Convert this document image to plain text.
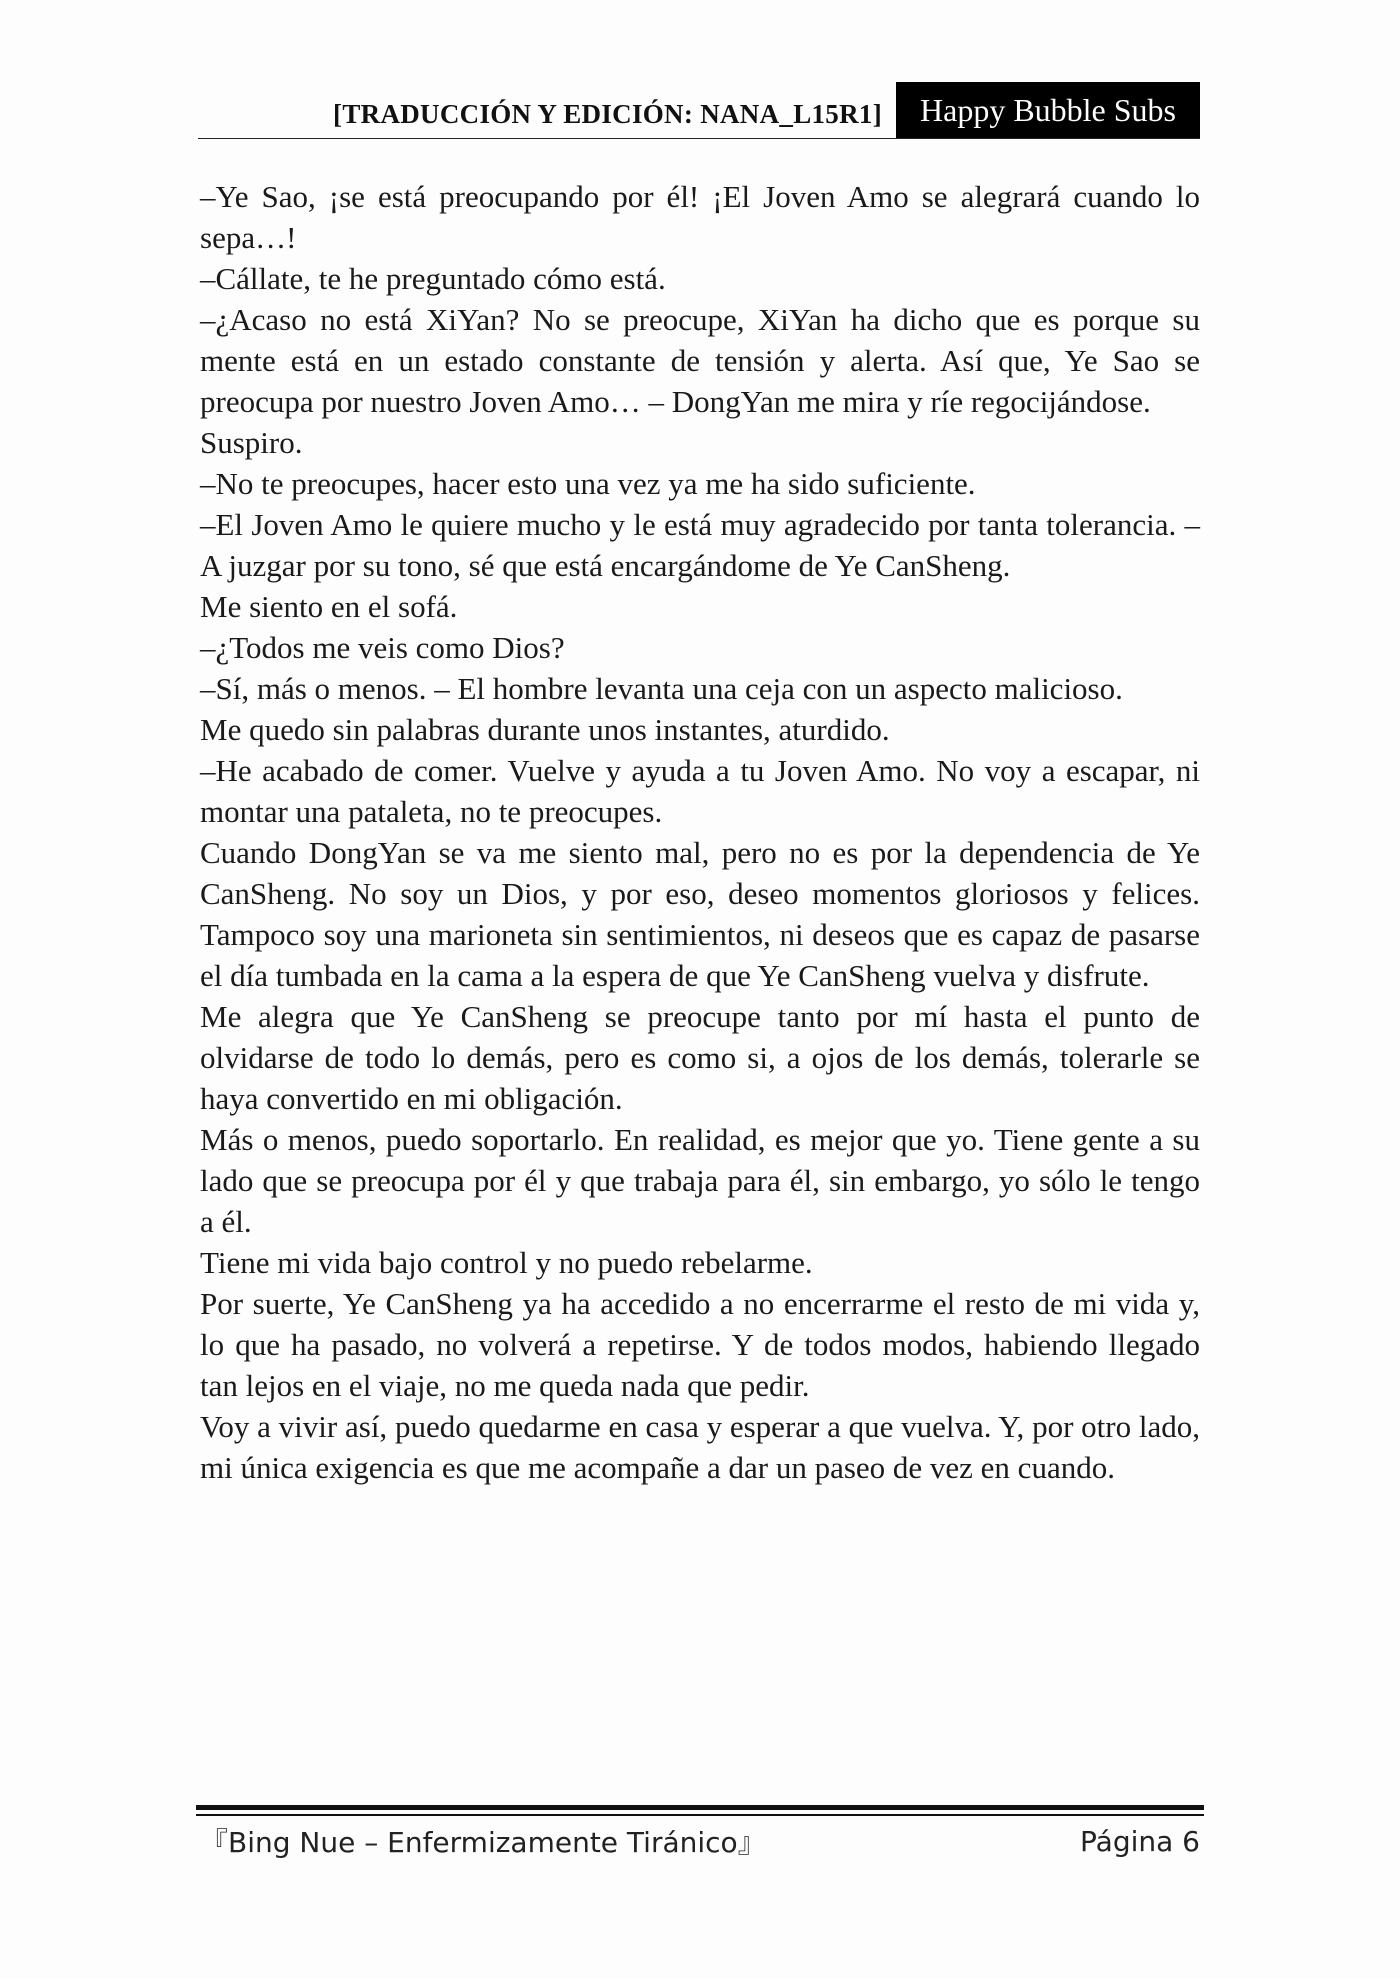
[TRADUCCIÓN Y EDICIÓN: NANA_L15R1]	Happy Bubble Subs

–Ye Sao, ¡se está preocupando por él! ¡El Joven Amo se alegrará cuando lo sepa…!

–Cállate, te he preguntado cómo está.

–¿Acaso no está XiYan? No se preocupe, XiYan ha dicho que es porque su mente está en un estado constante de tensión y alerta. Así que, Ye Sao se preocupa por nuestro Joven Amo… – DongYan me mira y ríe regocijándose.

Suspiro.

–No te preocupes, hacer esto una vez ya me ha sido suficiente.

–El Joven Amo le quiere mucho y le está muy agradecido por tanta tolerancia. – A juzgar por su tono, sé que está encargándome de Ye CanSheng.

Me siento en el sofá.

–¿Todos me veis como Dios?

–Sí, más o menos. – El hombre levanta una ceja con un aspecto malicioso.

Me quedo sin palabras durante unos instantes, aturdido.

–He acabado de comer. Vuelve y ayuda a tu Joven Amo. No voy a escapar, ni montar una pataleta, no te preocupes.

Cuando DongYan se va me siento mal, pero no es por la dependencia de Ye CanSheng. No soy un Dios, y por eso, deseo momentos gloriosos y felices. Tampoco soy una marioneta sin sentimientos, ni deseos que es capaz de pasarse el día tumbada en la cama a la espera de que Ye CanSheng vuelva y disfrute.

Me alegra que Ye CanSheng se preocupe tanto por mí hasta el punto de olvidarse de todo lo demás, pero es como si, a ojos de los demás, tolerarle se haya convertido en mi obligación.

Más o menos, puedo soportarlo. En realidad, es mejor que yo. Tiene gente a su lado que se preocupa por él y que trabaja para él, sin embargo, yo sólo le tengo a él.

Tiene mi vida bajo control y no puedo rebelarme.

Por suerte, Ye CanSheng ya ha accedido a no encerrarme el resto de mi vida y, lo que ha pasado, no volverá a repetirse. Y de todos modos, habiendo llegado tan lejos en el viaje, no me queda nada que pedir.

Voy a vivir así, puedo quedarme en casa y esperar a que vuelva. Y, por otro lado, mi única exigencia es que me acompañe a dar un paseo de vez en cuando.

『Bing Nue – Enfermizamente Tiránico』	Página 6
